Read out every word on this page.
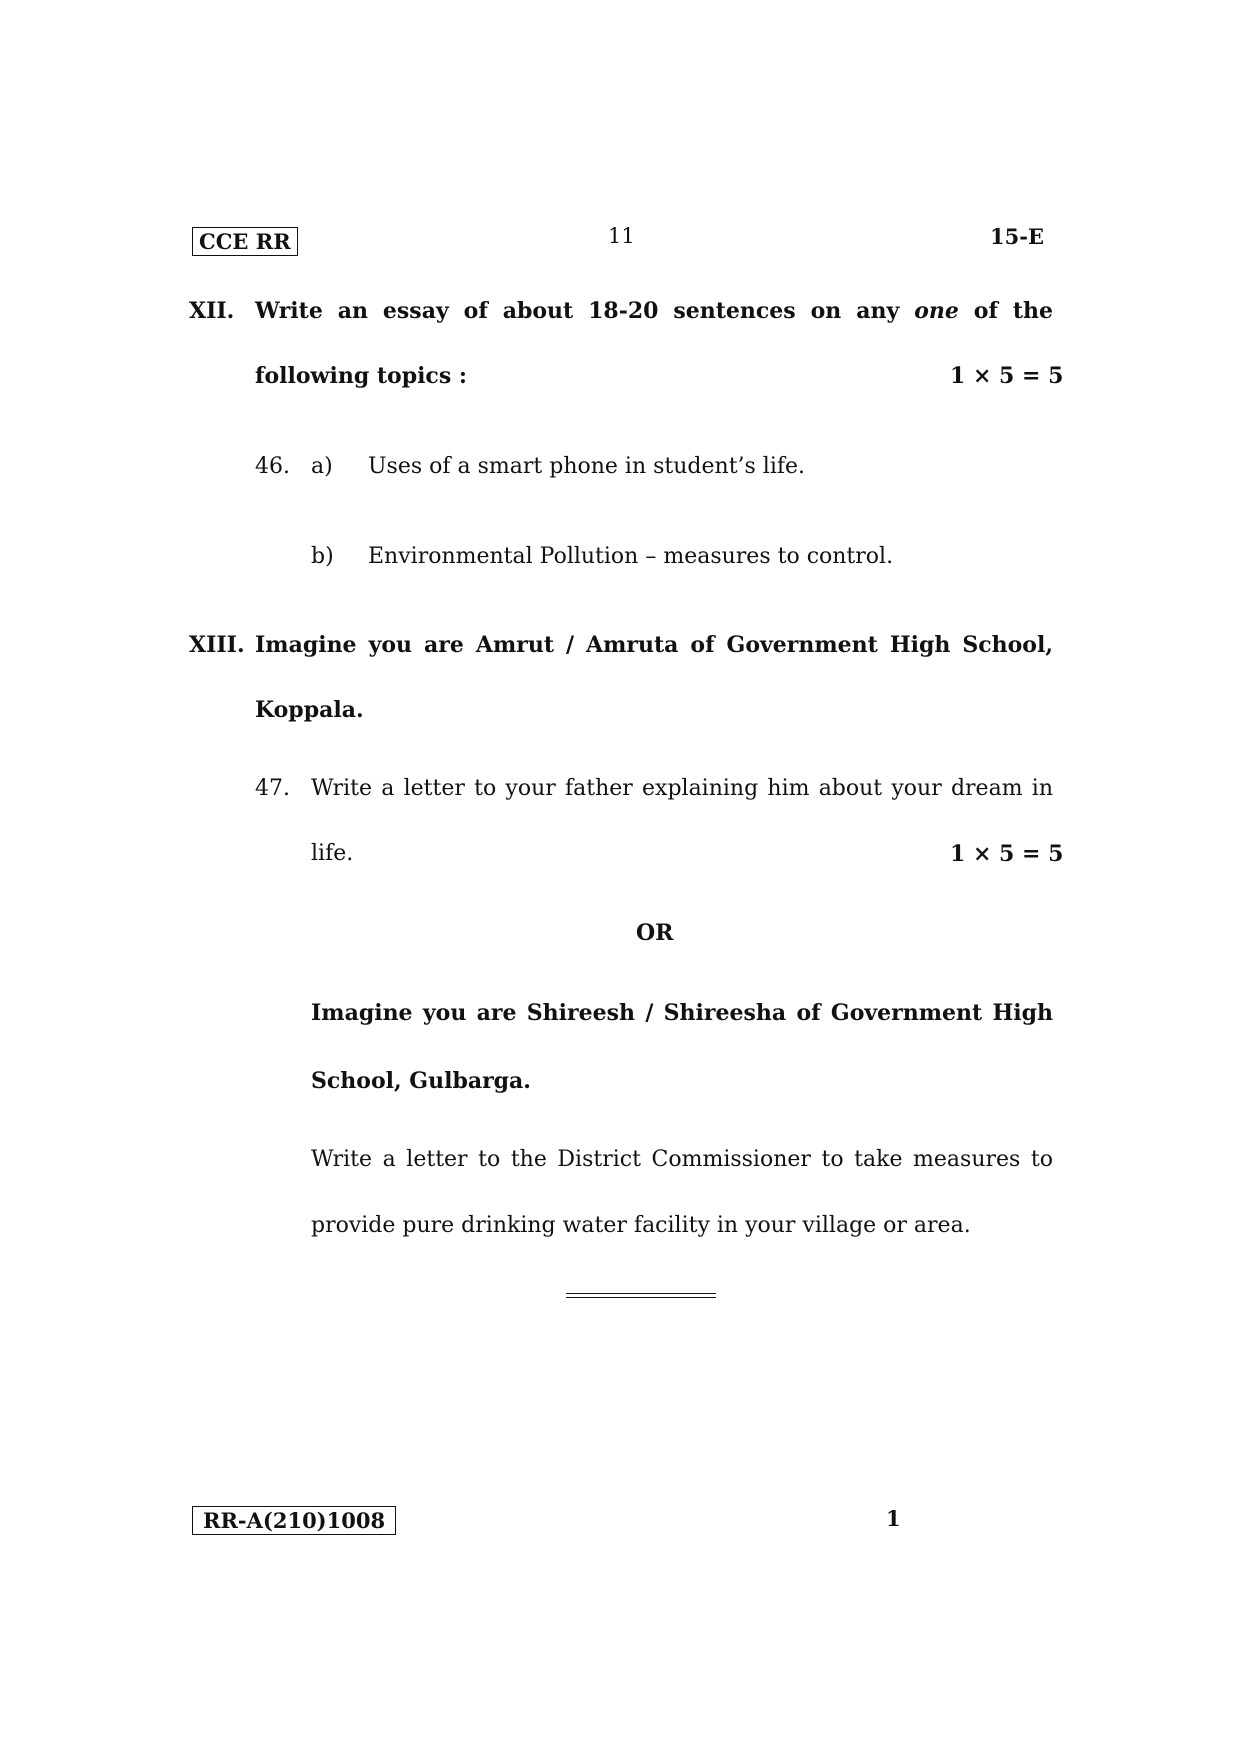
CCE RR	11	15-E
XII. Write an essay of about 18-20 sentences on any one of the
following topics :	1 × 5 = 5
46. a) Uses of a smart phone in student’s life.
b) Environmental Pollution – measures to control.
XIII. Imagine you are Amrut / Amruta of Government High School,
Koppala.
47. Write a letter to your father explaining him about your dream in
life.	1 × 5 = 5
OR
Imagine you are Shireesh / Shireesha of Government High
School, Gulbarga.
Write a letter to the District Commissioner to take measures to
provide pure drinking water facility in your village or area.
RR-A(210)1008	1
